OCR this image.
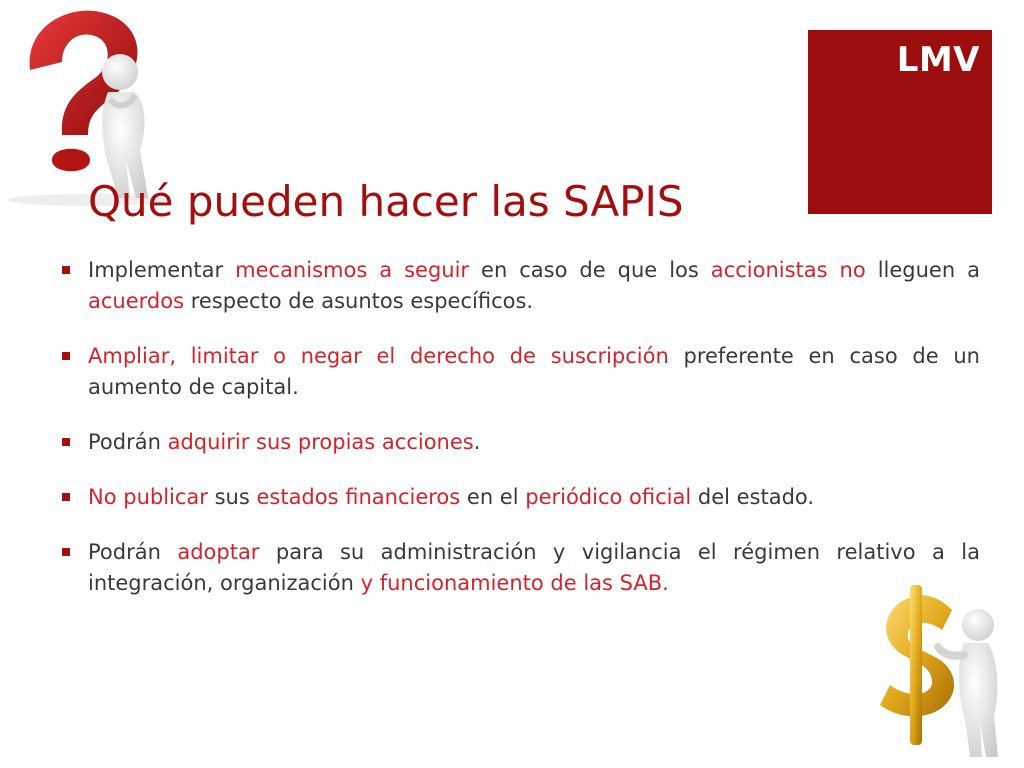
LMV
Qué pueden hacer las SAPIS
Implementar mecanismos a seguir en caso de que los accionistas no lleguen a acuerdos respecto de asuntos específicos.
Ampliar, limitar o negar el derecho de suscripción preferente en caso de un aumento de capital.
Podrán adquirir sus propias acciones.
No publicar sus estados financieros en el periódico oficial del estado.
Podrán adoptar para su administración y vigilancia el régimen relativo a la integración, organización y funcionamiento de las SAB.
